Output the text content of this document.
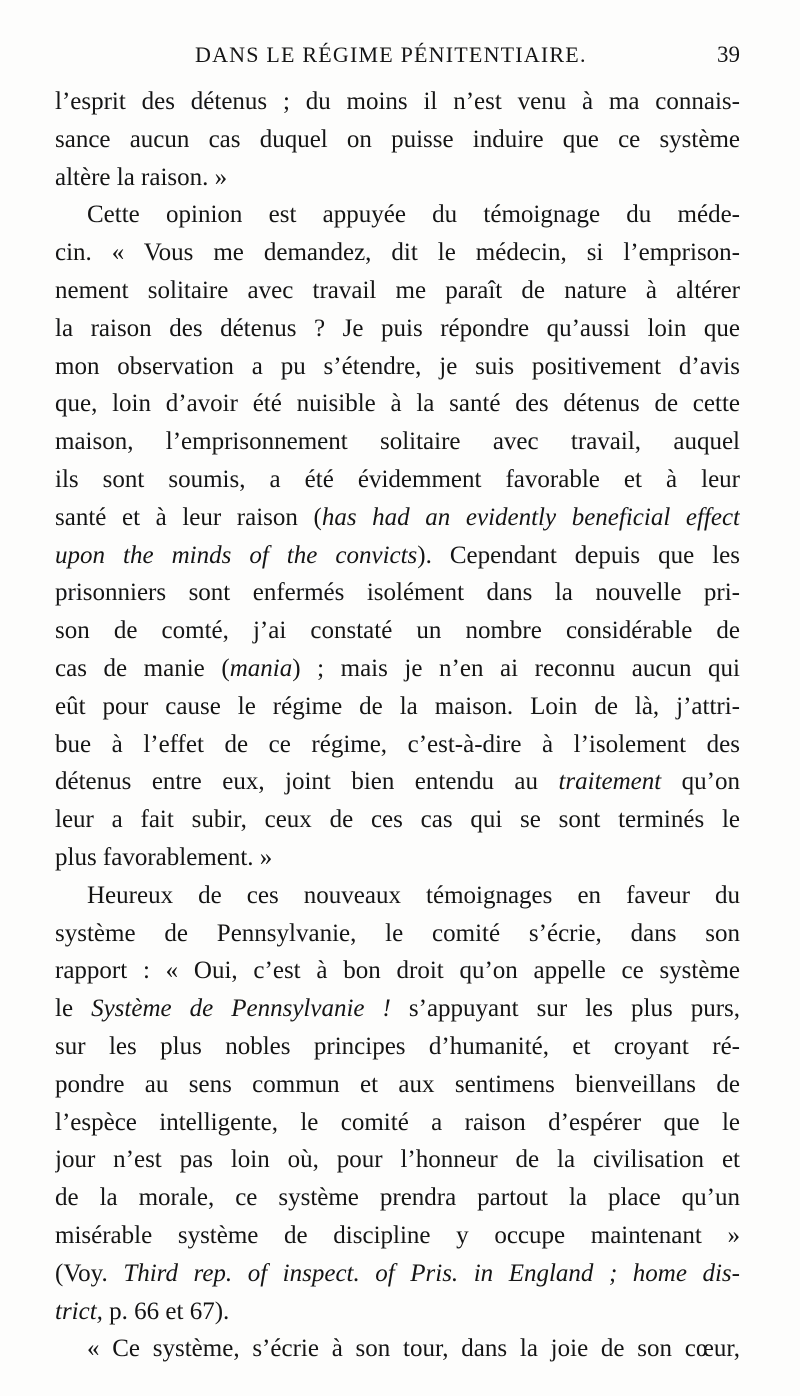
DANS LE RÉGIME PÉNITENTIAIRE.	39
l’esprit des détenus ; du moins il n’est venu à ma connais-
sance aucun cas duquel on puisse induire que ce système
altère la raison. »
Cette opinion est appuyée du témoignage du méde-
cin. « Vous me demandez, dit le médecin, si l’emprison-
nement solitaire avec travail me paraît de nature à altérer
la raison des détenus ? Je puis répondre qu’aussi loin que
mon observation a pu s’étendre, je suis positivement d’avis
que, loin d’avoir été nuisible à la santé des détenus de cette
maison, l’emprisonnement solitaire avec travail, auquel
ils sont soumis, a été évidemment favorable et à leur
santé et à leur raison (has had an evidently beneficial effect
upon the minds of the convicts). Cependant depuis que les
prisonniers sont enfermés isolément dans la nouvelle pri-
son de comté, j’ai constaté un nombre considérable de
cas de manie (mania) ; mais je n’en ai reconnu aucun qui
eût pour cause le régime de la maison. Loin de là, j’attri-
bue à l’effet de ce régime, c’est-à-dire à l’isolement des
détenus entre eux, joint bien entendu au traitement qu’on
leur a fait subir, ceux de ces cas qui se sont terminés le
plus favorablement. »
Heureux de ces nouveaux témoignages en faveur du
système de Pennsylvanie, le comité s’écrie, dans son
rapport : « Oui, c’est à bon droit qu’on appelle ce système
le Système de Pennsylvanie ! s’appuyant sur les plus purs,
sur les plus nobles principes d’humanité, et croyant ré-
pondre au sens commun et aux sentimens bienveillans de
l’espèce intelligente, le comité a raison d’espérer que le
jour n’est pas loin où, pour l’honneur de la civilisation et
de la morale, ce système prendra partout la place qu’un
misérable système de discipline y occupe maintenant »
(Voy. Third rep. of inspect. of Pris. in England ; home dis-
trict, p. 66 et 67).
« Ce système, s’écrie à son tour, dans la joie de son cœur,
